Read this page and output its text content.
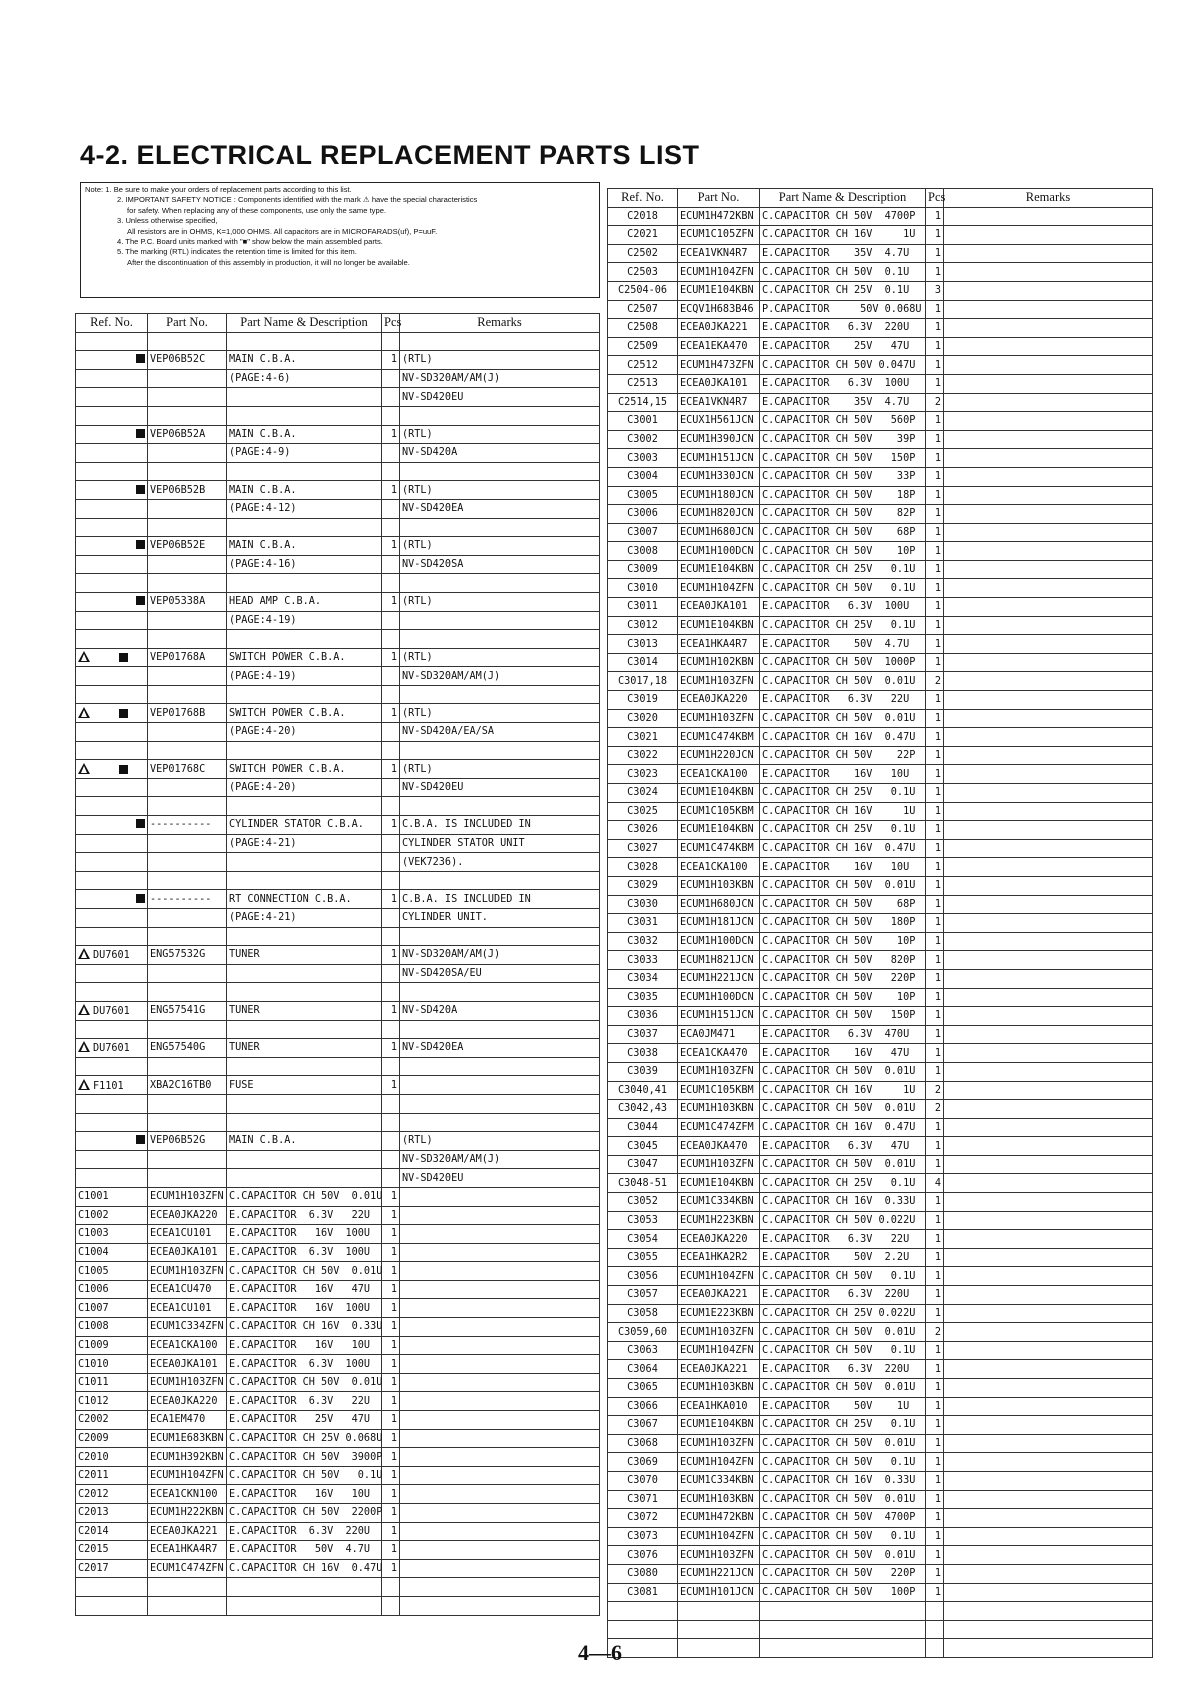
4-2. ELECTRICAL REPLACEMENT PARTS LIST
Note: 1. Be sure to make your orders of replacement parts according to this list.
2. IMPORTANT SAFETY NOTICE : Components identified with the mark ⚠ have the special characteristics
for safety. When replacing any of these components, use only the same type.
3. Unless otherwise specified,
All resistors are in OHMS, K=1,000 OHMS. All capacitors are in MICROFARADS(uf), P=uuF.
4. The P.C. Board units marked with "■" show below the main assembled parts.
5. The marking (RTL) indicates the retention time is limited for this item.
After the discontinuation of this assembly in production, it will no longer be available.
Ref. No.	Part No.	Part Name & Description	Pcs	Remarks

	VEP06B52C	MAIN C.B.A.	1	(RTL)
		(PAGE:4-6)		NV-SD320AM/AM(J)
				NV-SD420EU

	VEP06B52A	MAIN C.B.A.	1	(RTL)
		(PAGE:4-9)		NV-SD420A

	VEP06B52B	MAIN C.B.A.	1	(RTL)
		(PAGE:4-12)		NV-SD420EA

	VEP06B52E	MAIN C.B.A.	1	(RTL)
		(PAGE:4-16)		NV-SD420SA

	VEP05338A	HEAD AMP C.B.A.	1	(RTL)
		(PAGE:4-19)		

	VEP01768A	SWITCH POWER C.B.A.	1	(RTL)
		(PAGE:4-19)		NV-SD320AM/AM(J)

	VEP01768B	SWITCH POWER C.B.A.	1	(RTL)
		(PAGE:4-20)		NV-SD420A/EA/SA

	VEP01768C	SWITCH POWER C.B.A.	1	(RTL)
		(PAGE:4-20)		NV-SD420EU

	----------	CYLINDER STATOR C.B.A.	1	C.B.A. IS INCLUDED IN
		(PAGE:4-21)		CYLINDER STATOR UNIT
				(VEK7236).

	----------	RT CONNECTION C.B.A.	1	C.B.A. IS INCLUDED IN
		(PAGE:4-21)		CYLINDER UNIT.

DU7601	ENG57532G	TUNER	1	NV-SD320AM/AM(J)
				NV-SD420SA/EU

DU7601	ENG57541G	TUNER	1	NV-SD420A

DU7601	ENG57540G	TUNER	1	NV-SD420EA

F1101	XBA2C16TB0	FUSE	1	

	VEP06B52G	MAIN C.B.A.		(RTL)
				NV-SD320AM/AM(J)
				NV-SD420EU
C1001	ECUM1H103ZFN	C.CAPACITOR CH 50V  0.01U	1	
C1002	ECEA0JKA220	E.CAPACITOR  6.3V   22U	1	
C1003	ECEA1CU101	E.CAPACITOR   16V  100U	1	
C1004	ECEA0JKA101	E.CAPACITOR  6.3V  100U	1	
C1005	ECUM1H103ZFN	C.CAPACITOR CH 50V  0.01U	1	
C1006	ECEA1CU470	E.CAPACITOR   16V   47U	1	
C1007	ECEA1CU101	E.CAPACITOR   16V  100U	1	
C1008	ECUM1C334ZFN	C.CAPACITOR CH 16V  0.33U	1	
C1009	ECEA1CKA100	E.CAPACITOR   16V   10U	1	
C1010	ECEA0JKA101	E.CAPACITOR  6.3V  100U	1	
C1011	ECUM1H103ZFN	C.CAPACITOR CH 50V  0.01U	1	
C1012	ECEA0JKA220	E.CAPACITOR  6.3V   22U	1	
C2002	ECA1EM470	E.CAPACITOR   25V   47U	1	
C2009	ECUM1E683KBN	C.CAPACITOR CH 25V 0.068U	1	
C2010	ECUM1H392KBN	C.CAPACITOR CH 50V  3900P	1	
C2011	ECUM1H104ZFN	C.CAPACITOR CH 50V   0.1U	1	
C2012	ECEA1CKN100	E.CAPACITOR   16V   10U	1	
C2013	ECUM1H222KBN	C.CAPACITOR CH 50V  2200P	1	
C2014	ECEA0JKA221	E.CAPACITOR  6.3V  220U	1	
C2015	ECEA1HKA4R7	E.CAPACITOR   50V  4.7U	1	
C2017	ECUM1C474ZFN	C.CAPACITOR CH 16V  0.47U	1	

Ref. No.	Part No.	Part Name & Description	Pcs	Remarks
C2018	ECUM1H472KBN	C.CAPACITOR CH 50V  4700P	1	
C2021	ECUM1C105ZFN	C.CAPACITOR CH 16V     1U	1	
C2502	ECEA1VKN4R7	E.CAPACITOR    35V  4.7U	1	
C2503	ECUM1H104ZFN	C.CAPACITOR CH 50V  0.1U	1	
C2504-06	ECUM1E104KBN	C.CAPACITOR CH 25V  0.1U	3	
C2507	ECQV1H683B46	P.CAPACITOR     50V 0.068U	1	
C2508	ECEA0JKA221	E.CAPACITOR   6.3V  220U	1	
C2509	ECEA1EKA470	E.CAPACITOR    25V   47U	1	
C2512	ECUM1H473ZFN	C.CAPACITOR CH 50V 0.047U	1	
C2513	ECEA0JKA101	E.CAPACITOR   6.3V  100U	1	
C2514,15	ECEA1VKN4R7	E.CAPACITOR    35V  4.7U	2	
C3001	ECUX1H561JCN	C.CAPACITOR CH 50V   560P	1	
C3002	ECUM1H390JCN	C.CAPACITOR CH 50V    39P	1	
C3003	ECUM1H151JCN	C.CAPACITOR CH 50V   150P	1	
C3004	ECUM1H330JCN	C.CAPACITOR CH 50V    33P	1	
C3005	ECUM1H180JCN	C.CAPACITOR CH 50V    18P	1	
C3006	ECUM1H820JCN	C.CAPACITOR CH 50V    82P	1	
C3007	ECUM1H680JCN	C.CAPACITOR CH 50V    68P	1	
C3008	ECUM1H100DCN	C.CAPACITOR CH 50V    10P	1	
C3009	ECUM1E104KBN	C.CAPACITOR CH 25V   0.1U	1	
C3010	ECUM1H104ZFN	C.CAPACITOR CH 50V   0.1U	1	
C3011	ECEA0JKA101	E.CAPACITOR   6.3V  100U	1	
C3012	ECUM1E104KBN	C.CAPACITOR CH 25V   0.1U	1	
C3013	ECEA1HKA4R7	E.CAPACITOR    50V  4.7U	1	
C3014	ECUM1H102KBN	C.CAPACITOR CH 50V  1000P	1	
C3017,18	ECUM1H103ZFN	C.CAPACITOR CH 50V  0.01U	2	
C3019	ECEA0JKA220	E.CAPACITOR   6.3V   22U	1	
C3020	ECUM1H103ZFN	C.CAPACITOR CH 50V  0.01U	1	
C3021	ECUM1C474KBM	C.CAPACITOR CH 16V  0.47U	1	
C3022	ECUM1H220JCN	C.CAPACITOR CH 50V    22P	1	
C3023	ECEA1CKA100	E.CAPACITOR    16V   10U	1	
C3024	ECUM1E104KBN	C.CAPACITOR CH 25V   0.1U	1	
C3025	ECUM1C105KBM	C.CAPACITOR CH 16V     1U	1	
C3026	ECUM1E104KBN	C.CAPACITOR CH 25V   0.1U	1	
C3027	ECUM1C474KBM	C.CAPACITOR CH 16V  0.47U	1	
C3028	ECEA1CKA100	E.CAPACITOR    16V   10U	1	
C3029	ECUM1H103KBN	C.CAPACITOR CH 50V  0.01U	1	
C3030	ECUM1H680JCN	C.CAPACITOR CH 50V    68P	1	
C3031	ECUM1H181JCN	C.CAPACITOR CH 50V   180P	1	
C3032	ECUM1H100DCN	C.CAPACITOR CH 50V    10P	1	
C3033	ECUM1H821JCN	C.CAPACITOR CH 50V   820P	1	
C3034	ECUM1H221JCN	C.CAPACITOR CH 50V   220P	1	
C3035	ECUM1H100DCN	C.CAPACITOR CH 50V    10P	1	
C3036	ECUM1H151JCN	C.CAPACITOR CH 50V   150P	1	
C3037	ECA0JM471	E.CAPACITOR   6.3V  470U	1	
C3038	ECEA1CKA470	E.CAPACITOR    16V   47U	1	
C3039	ECUM1H103ZFN	C.CAPACITOR CH 50V  0.01U	1	
C3040,41	ECUM1C105KBM	C.CAPACITOR CH 16V     1U	2	
C3042,43	ECUM1H103KBN	C.CAPACITOR CH 50V  0.01U	2	
C3044	ECUM1C474ZFM	C.CAPACITOR CH 16V  0.47U	1	
C3045	ECEA0JKA470	E.CAPACITOR   6.3V   47U	1	
C3047	ECUM1H103ZFN	C.CAPACITOR CH 50V  0.01U	1	
C3048-51	ECUM1E104KBN	C.CAPACITOR CH 25V   0.1U	4	
C3052	ECUM1C334KBN	C.CAPACITOR CH 16V  0.33U	1	
C3053	ECUM1H223KBN	C.CAPACITOR CH 50V 0.022U	1	
C3054	ECEA0JKA220	E.CAPACITOR   6.3V   22U	1	
C3055	ECEA1HKA2R2	E.CAPACITOR    50V  2.2U	1	
C3056	ECUM1H104ZFN	C.CAPACITOR CH 50V   0.1U	1	
C3057	ECEA0JKA221	E.CAPACITOR   6.3V  220U	1	
C3058	ECUM1E223KBN	C.CAPACITOR CH 25V 0.022U	1	
C3059,60	ECUM1H103ZFN	C.CAPACITOR CH 50V  0.01U	2	
C3063	ECUM1H104ZFN	C.CAPACITOR CH 50V   0.1U	1	
C3064	ECEA0JKA221	E.CAPACITOR   6.3V  220U	1	
C3065	ECUM1H103KBN	C.CAPACITOR CH 50V  0.01U	1	
C3066	ECEA1HKA010	E.CAPACITOR    50V    1U	1	
C3067	ECUM1E104KBN	C.CAPACITOR CH 25V   0.1U	1	
C3068	ECUM1H103ZFN	C.CAPACITOR CH 50V  0.01U	1	
C3069	ECUM1H104ZFN	C.CAPACITOR CH 50V   0.1U	1	
C3070	ECUM1C334KBN	C.CAPACITOR CH 16V  0.33U	1	
C3071	ECUM1H103KBN	C.CAPACITOR CH 50V  0.01U	1	
C3072	ECUM1H472KBN	C.CAPACITOR CH 50V  4700P	1	
C3073	ECUM1H104ZFN	C.CAPACITOR CH 50V   0.1U	1	
C3076	ECUM1H103ZFN	C.CAPACITOR CH 50V  0.01U	1	
C3080	ECUM1H221JCN	C.CAPACITOR CH 50V   220P	1	
C3081	ECUM1H101JCN	C.CAPACITOR CH 50V   100P	1	

4—6
